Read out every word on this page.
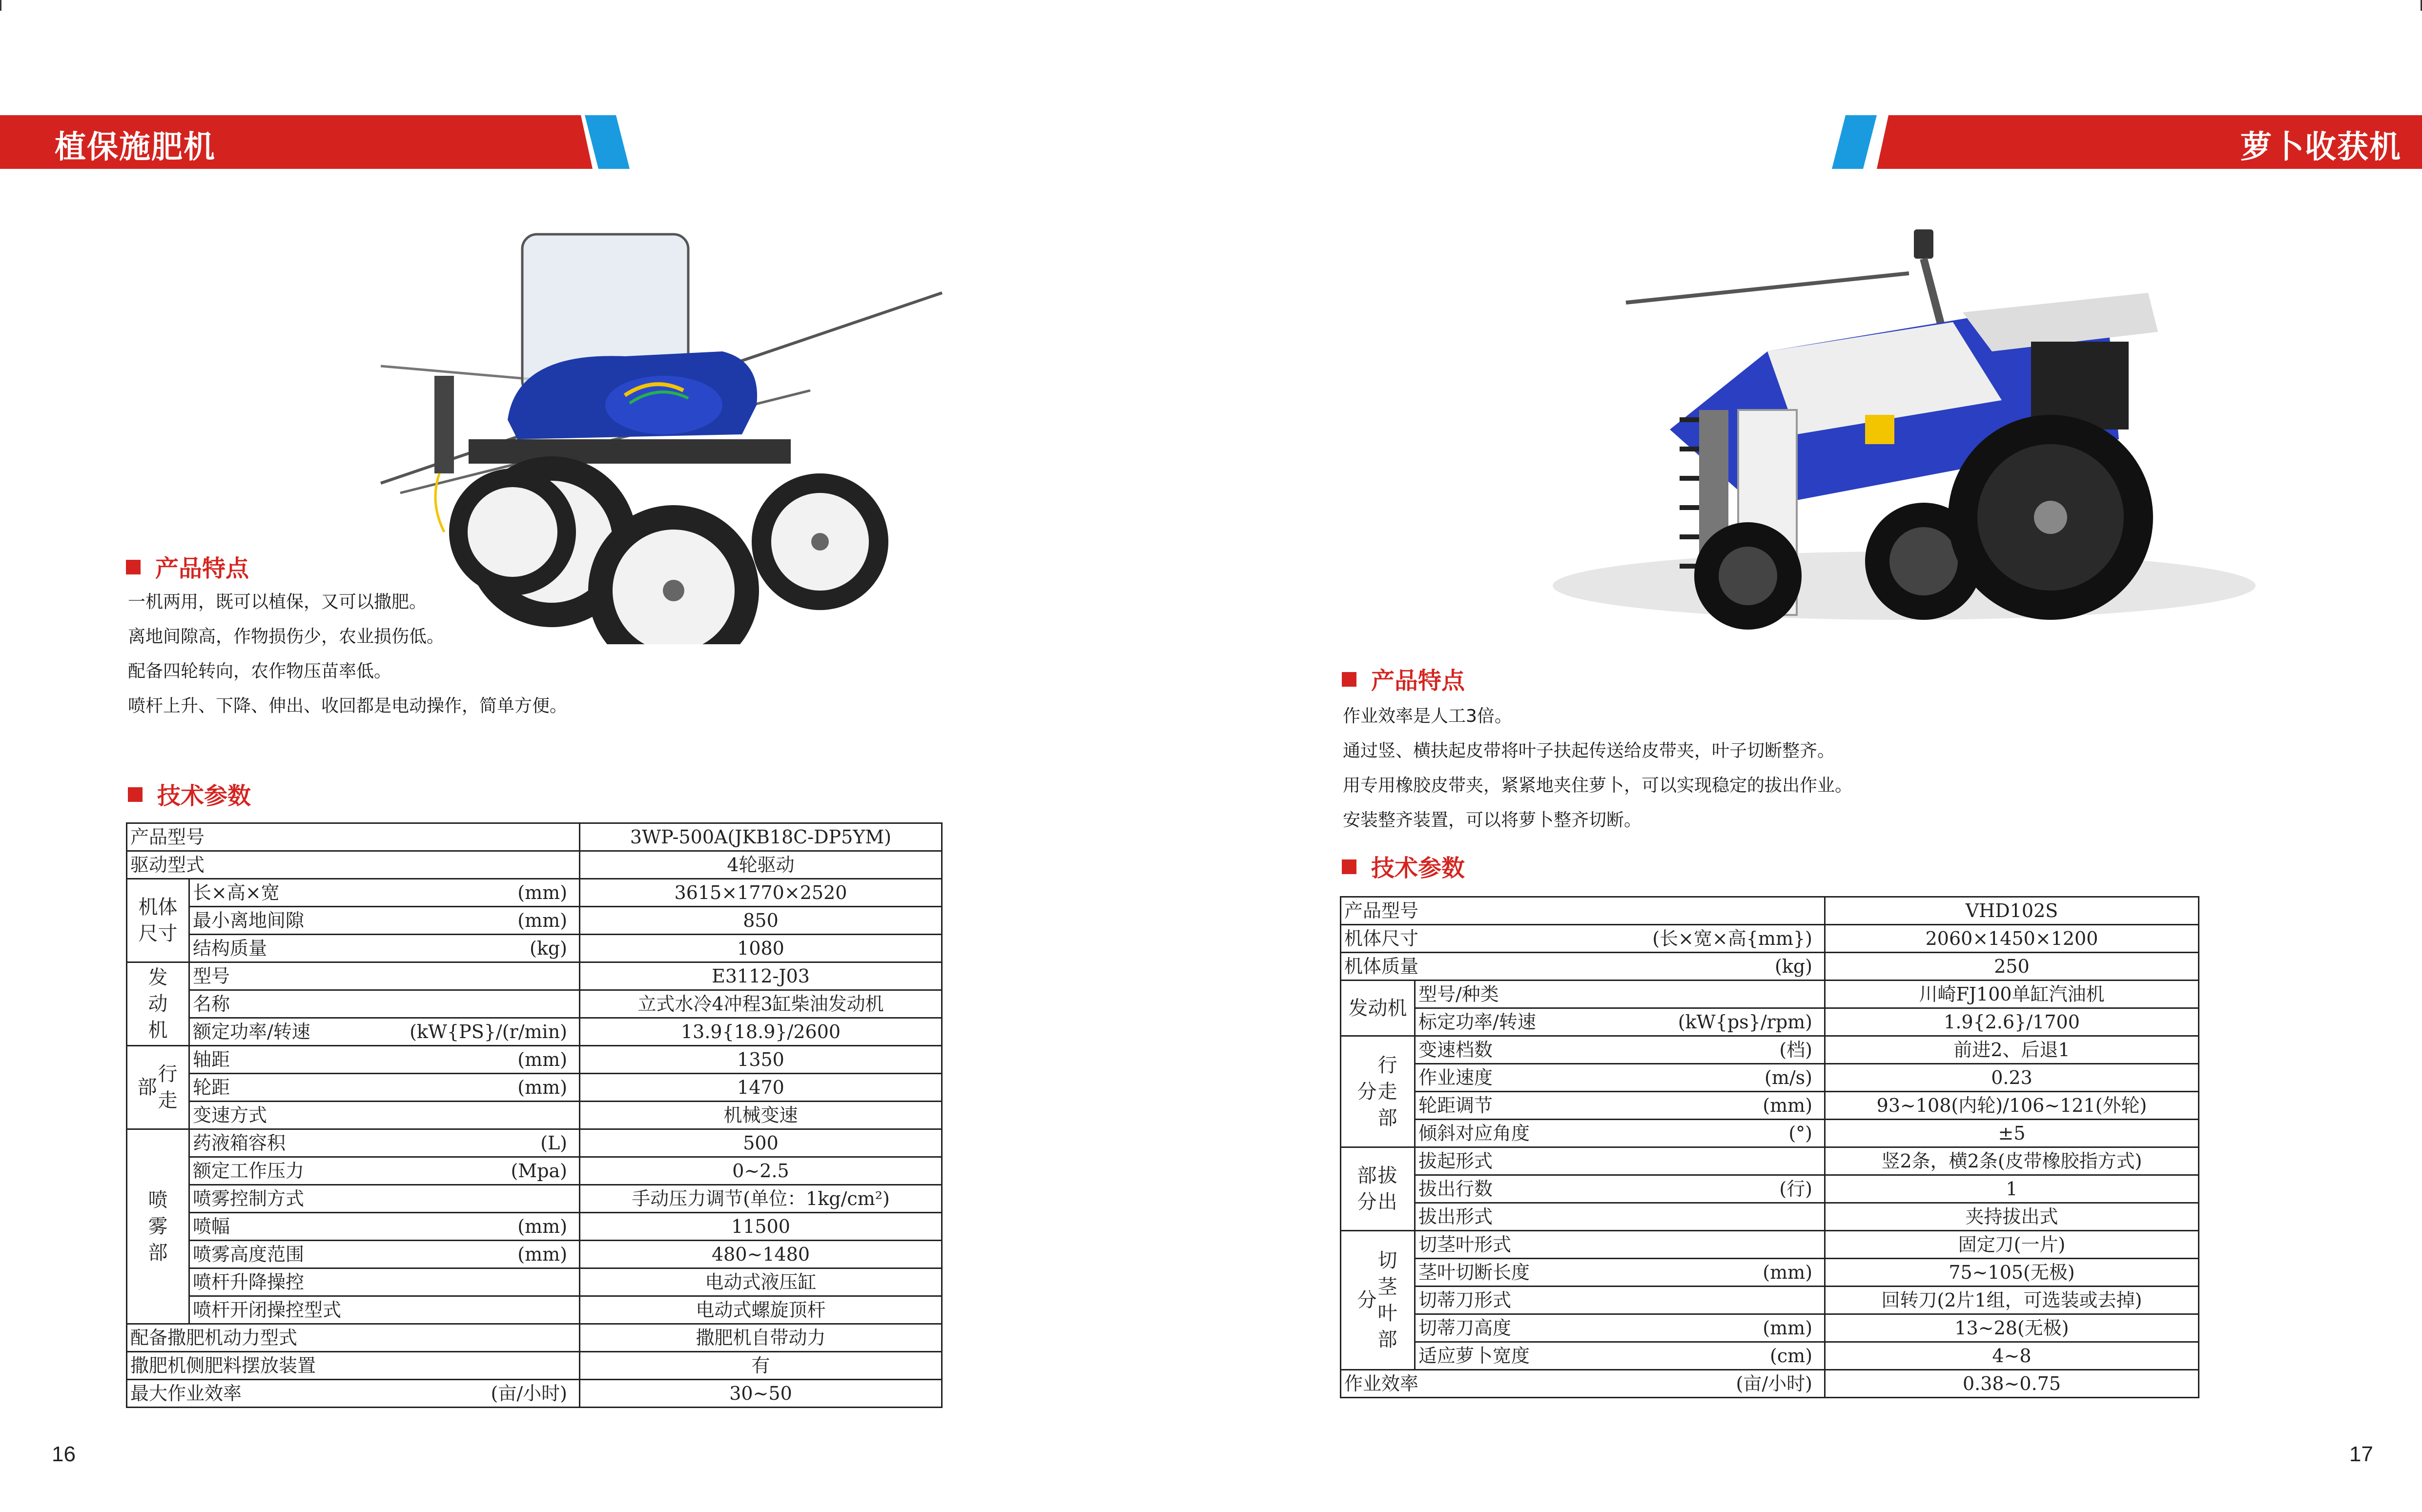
植保施肥机
产品特点
一机两用，既可以植保，又可以撒肥。
离地间隙高，作物损伤少，农业损伤低。
配备四轮转向，农作物压苗率低。
喷杆上升、下降、伸出、收回都是电动操作，简单方便。
技术参数
产品型号		3WP-500A(JKB18C-DP5YM)
驱动型式		4轮驱动
机体尺寸	长×高×宽 (mm)	3615×1770×2520

	最小离地间隙 (mm)	850

	结构质量 (kg)	1080
发动机	型号	E3112-J03
	名称	立式水冷4冲程3缸柴油发动机

	额定功率/转速 (kW{PS}/(r/min)	13.9{18.9}/2600
部行走	轴距 (mm)	1350

	轮距 (mm)	1470
	变速方式	机械变速
喷雾部	药液箱容积 (L)	500

	额定工作压力 (Mpa)	0~2.5
	喷雾控制方式	手动压力调节(单位：1kg/cm²)

	喷幅 (mm)	11500

	喷雾高度范围 (mm)	480~1480
	喷杆升降操控	电动式液压缸
	喷杆开闭操控型式	电动式螺旋顶杆
配备撒肥机动力型式		撒肥机自带动力
撒肥机侧肥料摆放装置		有

最大作业效率 (亩/小时)		30~50
16
萝卜收获机
产品特点
作业效率是人工3倍。
通过竖、横扶起皮带将叶子扶起传送给皮带夹，叶子切断整齐。
用专用橡胶皮带夹，紧紧地夹住萝卜，可以实现稳定的拔出作业。
安装整齐装置，可以将萝卜整齐切断。
技术参数
产品型号		VHD102S

机体尺寸 (长×宽×高{mm})		2060×1450×1200

机体质量 (kg)		250
发动机	型号/种类	川崎FJ100单缸汽油机

	标定功率/转速 (kW{ps}/rpm)	1.9{2.6}/1700
分行走部	变速档数 (档)	前进2、后退1

	作业速度 (m/s)	0.23

	轮距调节 (mm)	93~108(内轮)/106~121(外轮)

	倾斜对应角度 (°)	±5
部分拔出	拔起形式	竖2条，横2条(皮带橡胶指方式)

	拔出行数 (行)	1
	拔出形式	夹持拔出式
分切茎叶部	切茎叶形式	固定刀(一片)

	茎叶切断长度 (mm)	75~105(无极)
	切蒂刀形式	回转刀(2片1组，可选装或去掉)

	切蒂刀高度 (mm)	13~28(无极)

	适应萝卜宽度 (cm)	4~8

作业效率 (亩/小时)		0.38~0.75
17
